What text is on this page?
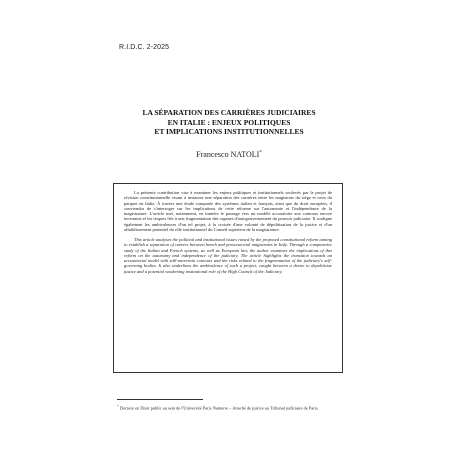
R.I.D.C. 2-2025
LA SÉPARATION DES CARRIÈRES JUDICIAIRES
EN ITALIE : ENJEUX POLITIQUES
ET IMPLICATIONS INSTITUTIONNELLES
Francesco NATOLI*

La présente contribution vise à examiner les enjeux politiques et institutionnels soulevés par le projet de révision constitutionnelle visant à instaurer une séparation des carrières entre les magistrats du siège et ceux du parquet en Italie. À travers une étude comparée des systèmes italien et français, ainsi que du droit européen, il conviendra de s'interroger sur les implications de cette réforme sur l'autonomie et l'indépendance de la magistrature. L'article met, notamment, en lumière le passage vers un modèle accusatoire aux contours encore incertains et les risques liés à une fragmentation des organes d'autogouvernement du pouvoir judiciaire. Il souligne également les ambivalences d'un tel projet, à la croisée d'une volonté de dépolitisation de la justice et d'un affaiblissement potentiel du rôle institutionnel du Conseil supérieur de la magistrature.

This article analyses the political and institutional issues raised by the proposed constitutional reform aiming to establish a separation of careers between bench and prosecutorial magistrates in Italy. Through a comparative study of the Italian and French systems, as well as European law, the author examines the implications of this reform on the autonomy and independence of the judiciary. The article highlights the transition towards an accusatorial model with still-uncertain contours and the risks related to the fragmentation of the judiciary's self-governing bodies. It also underlines the ambivalence of such a project, caught between a desire to depoliticize justice and a potential weakening institutional role of the High Council of the Judiciary.

* Docteur en Droit public au sein de l'Université Paris Nanterre – Attaché de justice au Tribunal judiciaire de Paris.
